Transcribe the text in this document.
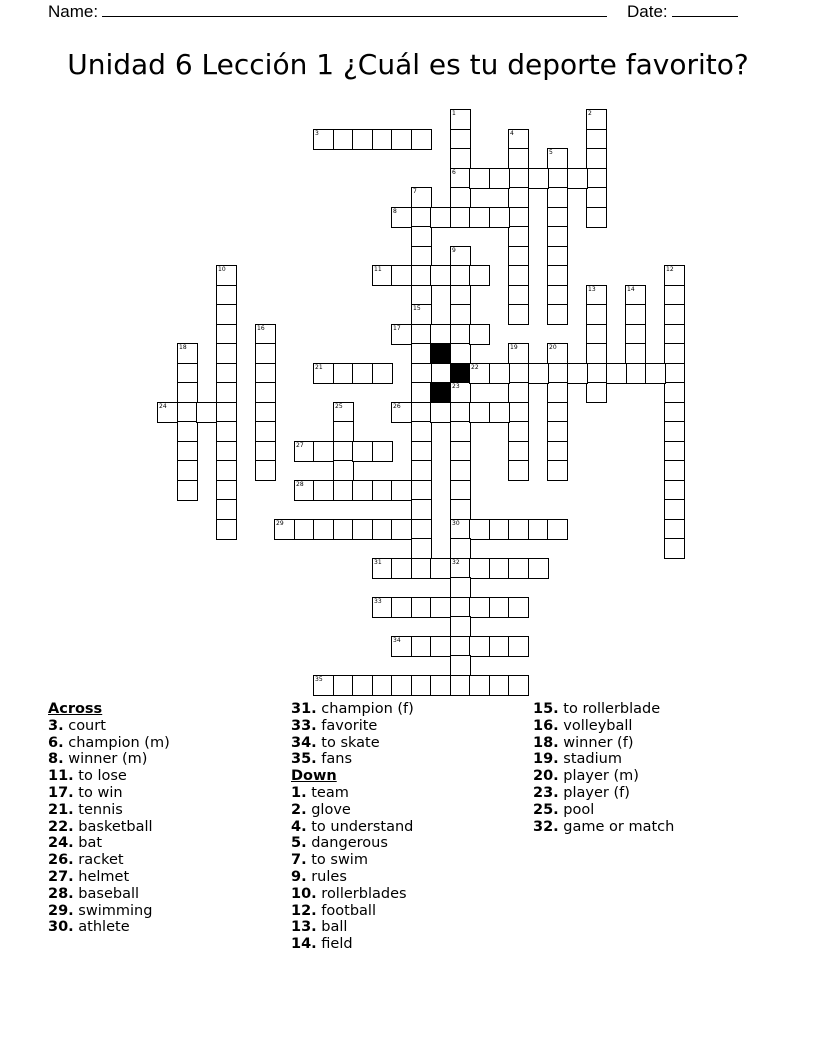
Name:	Date:
Unidad 6 Lección 1 ¿Cuál es tu deporte favorito?
1
6
2
3	4
5
7
8
9
23
10	11	12
13	14
15
16	17
18	19	20
21	22
24	25	26
27
28
29	30
31	32
33
34
35
Across
3. court
6. champion (m)
8. winner (m)
11. to lose
17. to win
21. tennis
22. basketball
24. bat
26. racket
27. helmet
28. baseball
29. swimming
30. athlete
31. champion (f)
33. favorite
34. to skate
35. fans
Down
1. team
2. glove
4. to understand
5. dangerous
7. to swim
9. rules
10. rollerblades
12. football
13. ball
14. field
15. to rollerblade
16. volleyball
18. winner (f)
19. stadium
20. player (m)
23. player (f)
25. pool
32. game or match
